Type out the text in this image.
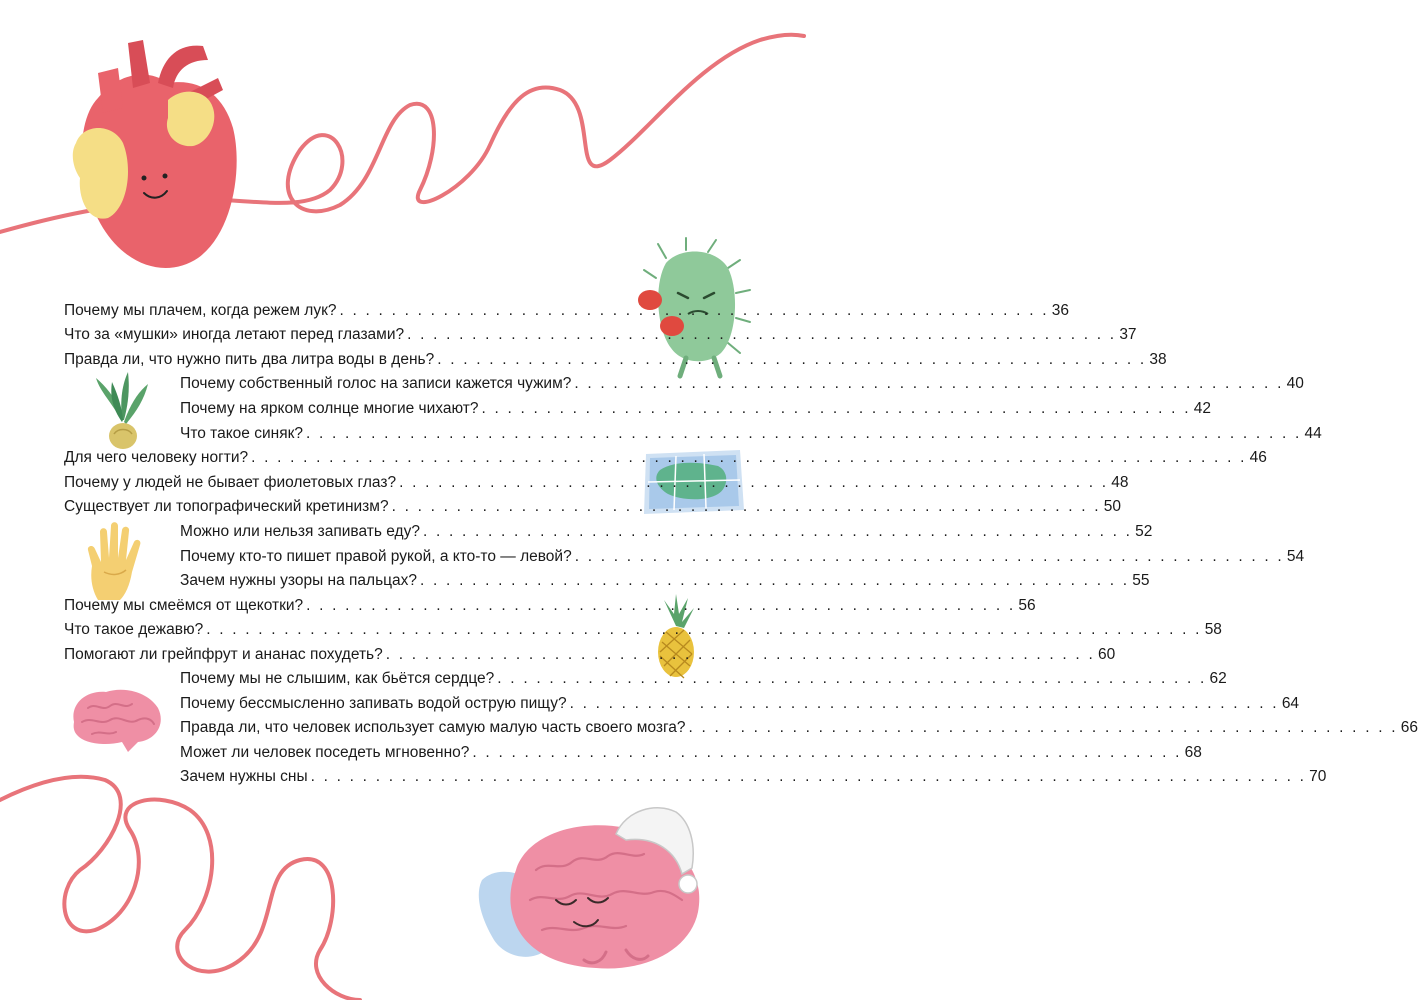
Почему мы плачем, когда режем лук? . . . . . . . . . . . . . . . . . . . . . . . . . . . . . . . . . . . . . . . . . . . . . . . . . . . . . . . 36
Что за «мушки» иногда летают перед глазами? . . . . . . . . . . . . . . . . . . . . . . . . . . . . . . . . . . . . . . . . . . . . . . . . . . . . . . . 37
Правда ли, что нужно пить два литра воды в день? . . . . . . . . . . . . . . . . . . . . . . . . . . . . . . . . . . . . . . . . . . . . . . . . . . . . . . . 38
Почему собственный голос на записи кажется чужим? . . . . . . . . . . . . . . . . . . . . . . . . . . . . . . . . . . . . . . . . . . . . . . . . . . . . . . . 40
Почему на ярком солнце многие чихают? . . . . . . . . . . . . . . . . . . . . . . . . . . . . . . . . . . . . . . . . . . . . . . . . . . . . . . . 42
Что такое синяк? . . . . . . . . . . . . . . . . . . . . . . . . . . . . . . . . . . . . . . . . . . . . . . . . . . . . . . . . . . . . . . . . . . . . . . . . . . . . . 44
Для чего человеку ногти? . . . . . . . . . . . . . . . . . . . . . . . . . . . . . . . . . . . . . . . . . . . . . . . . . . . . . . . . . . . . . . . . . . . . . . . . . . . . . 46
Почему у людей не бывает фиолетовых глаз? . . . . . . . . . . . . . . . . . . . . . . . . . . . . . . . . . . . . . . . . . . . . . . . . . . . . . . . 48
Существует ли топографический кретинизм? . . . . . . . . . . . . . . . . . . . . . . . . . . . . . . . . . . . . . . . . . . . . . . . . . . . . . . . 50
Можно или нельзя запивать еду? . . . . . . . . . . . . . . . . . . . . . . . . . . . . . . . . . . . . . . . . . . . . . . . . . . . . . . . 52
Почему кто-то пишет правой рукой, а кто-то — левой? . . . . . . . . . . . . . . . . . . . . . . . . . . . . . . . . . . . . . . . . . . . . . . . . . . . . . . . 54
Зачем нужны узоры на пальцах? . . . . . . . . . . . . . . . . . . . . . . . . . . . . . . . . . . . . . . . . . . . . . . . . . . . . . . . 55
Почему мы смеёмся от щекотки? . . . . . . . . . . . . . . . . . . . . . . . . . . . . . . . . . . . . . . . . . . . . . . . . . . . . . . . 56
Что такое дежавю? . . . . . . . . . . . . . . . . . . . . . . . . . . . . . . . . . . . . . . . . . . . . . . . . . . . . . . . . . . . . . . . . . . . . . . . . . . . . . 58
Помогают ли грейпфрут и ананас похудеть? . . . . . . . . . . . . . . . . . . . . . . . . . . . . . . . . . . . . . . . . . . . . . . . . . . . . . . . 60
Почему мы не слышим, как бьётся сердце? . . . . . . . . . . . . . . . . . . . . . . . . . . . . . . . . . . . . . . . . . . . . . . . . . . . . . . . 62
Почему бессмысленно запивать водой острую пищу? . . . . . . . . . . . . . . . . . . . . . . . . . . . . . . . . . . . . . . . . . . . . . . . . . . . . . . . 64
Правда ли, что человек использует самую малую часть своего мозга? . . . . . . . . . . . . . . . . . . . . . . . . . . . . . . . . . . . . . . . . . . . . . . . . . . . . . . . 66
Может ли человек поседеть мгновенно? . . . . . . . . . . . . . . . . . . . . . . . . . . . . . . . . . . . . . . . . . . . . . . . . . . . . . . . 68
Зачем нужны сны . . . . . . . . . . . . . . . . . . . . . . . . . . . . . . . . . . . . . . . . . . . . . . . . . . . . . . . . . . . . . . . . . . . . . . . . . . . . . 70
